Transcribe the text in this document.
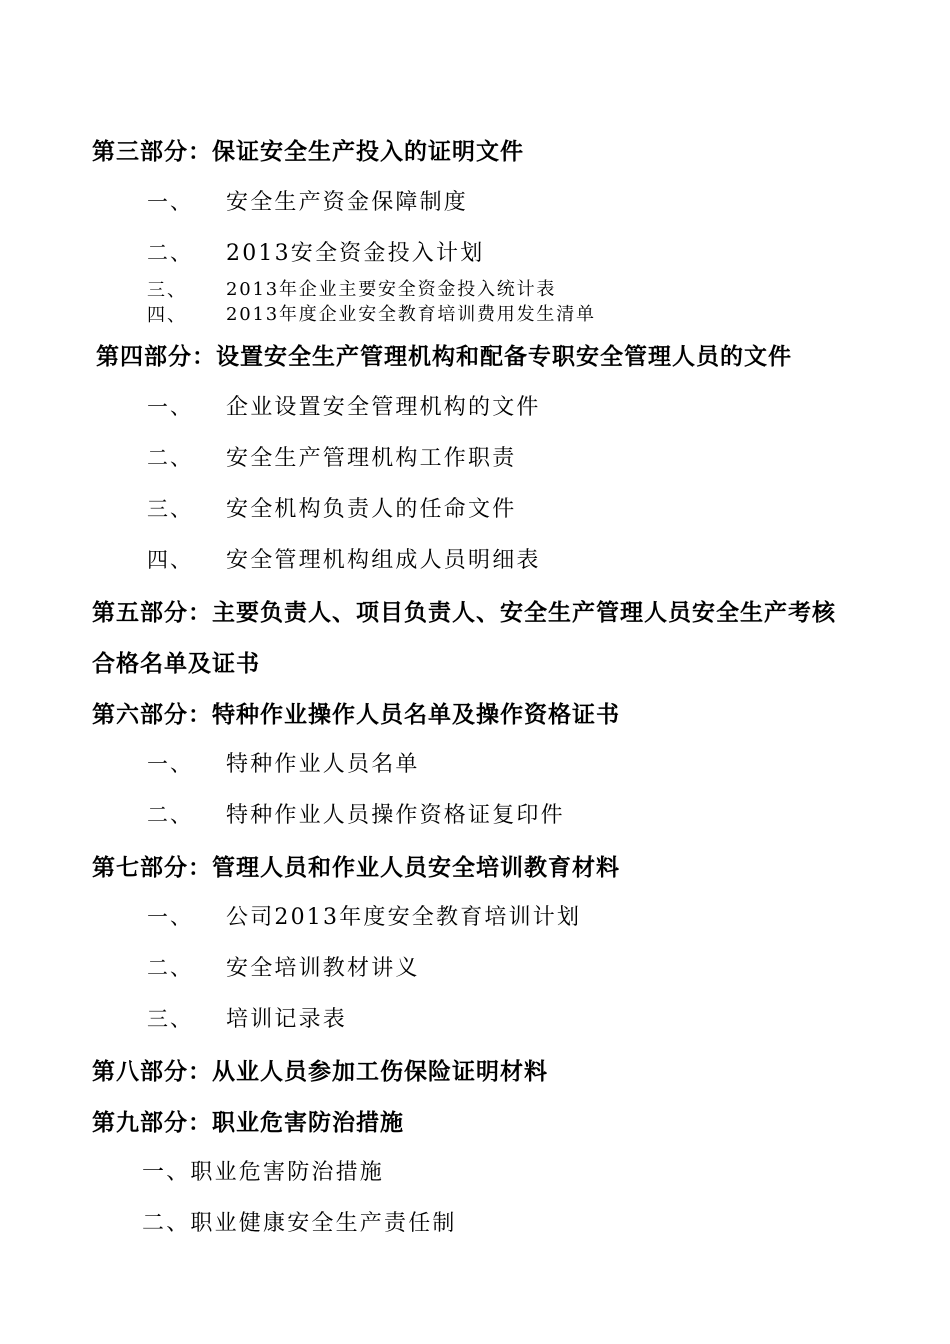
第三部分：保证安全生产投入的证明文件
一、 安全生产资金保障制度
二、 2013安全资金投入计划
三、 2013年企业主要安全资金投入统计表
四、 2013年度企业安全教育培训费用发生清单
第四部分：设置安全生产管理机构和配备专职安全管理人员的文件
一、 企业设置安全管理机构的文件
二、 安全生产管理机构工作职责
三、 安全机构负责人的任命文件
四、 安全管理机构组成人员明细表
第五部分：主要负责人、项目负责人、安全生产管理人员安全生产考核
合格名单及证书
第六部分：特种作业操作人员名单及操作资格证书
一、 特种作业人员名单
二、 特种作业人员操作资格证复印件
第七部分：管理人员和作业人员安全培训教育材料
一、 公司2013年度安全教育培训计划
二、 安全培训教材讲义
三、 培训记录表
第八部分：从业人员参加工伤保险证明材料
第九部分：职业危害防治措施
一、职业危害防治措施
二、职业健康安全生产责任制
